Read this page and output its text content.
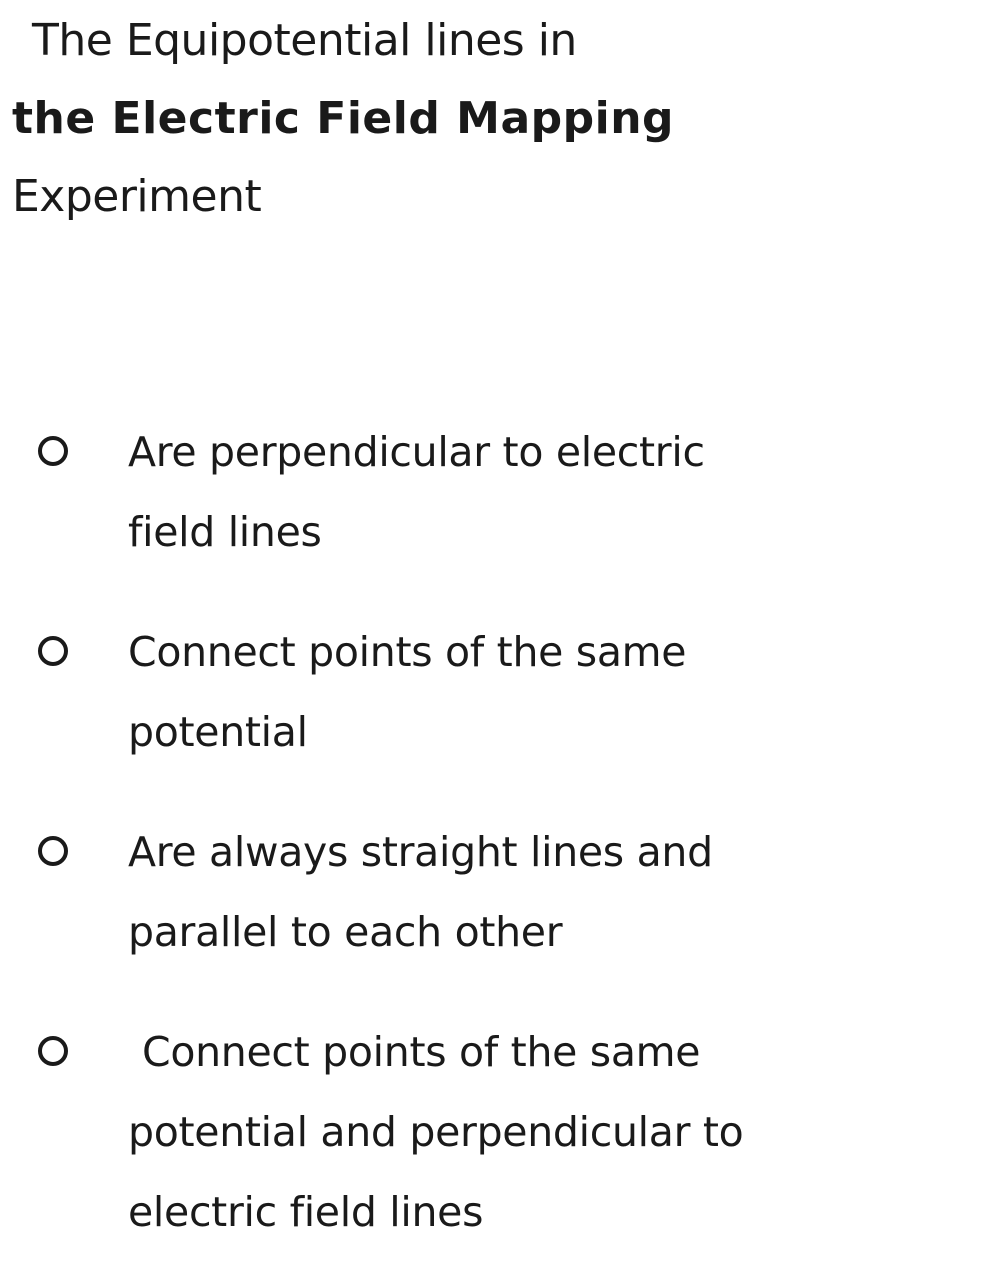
The Equipotential lines in
the Electric Field Mapping
Experiment
Are perpendicular to electric
field lines
Connect points of the same
potential
Are always straight lines and
parallel to each other
Connect points of the same
potential and perpendicular to
electric field lines
